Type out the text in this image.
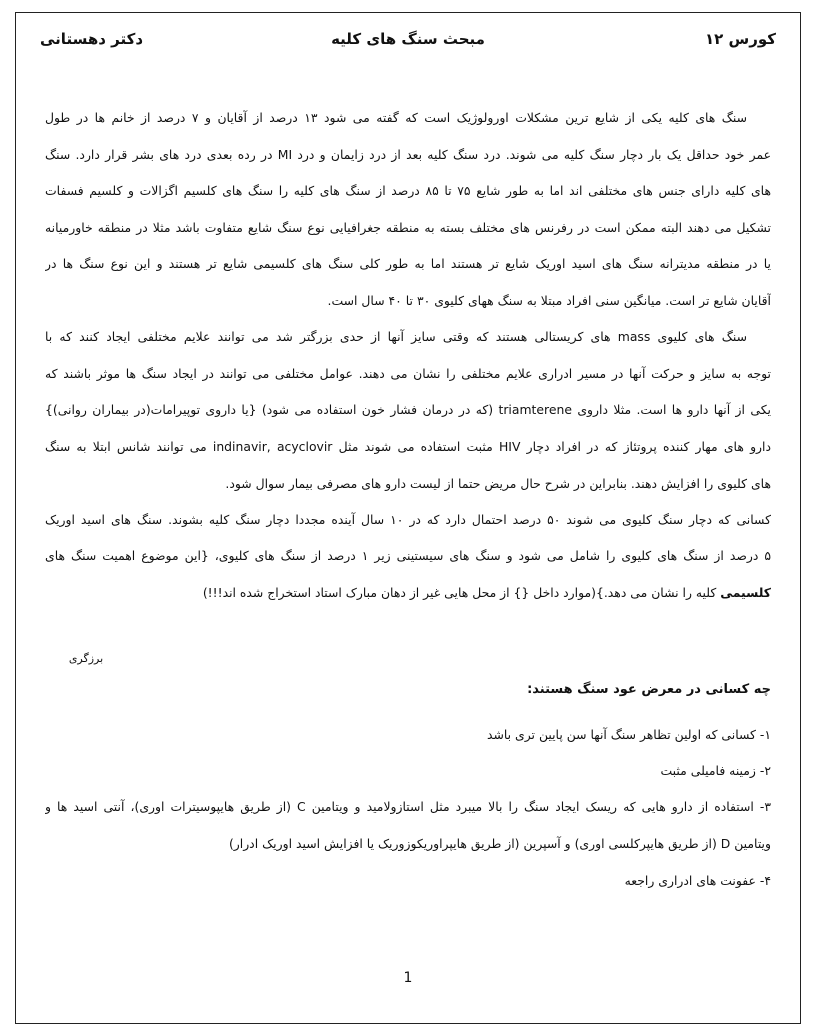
کورس ۱۲
مبحث سنگ های کلیه
دکتر دهستانی
سنگ های کلیه یکی از شایع ترین مشکلات اورولوژیک است که گفته می شود ۱۳ درصد از آقایان و ۷ درصد از خانم ها در طول
عمر خود حداقل یک بار دچار سنگ کلیه می شوند. درد سنگ کلیه بعد از درد زایمان و درد MI در رده بعدی درد های بشر قرار دارد. سنگ
های کلیه دارای جنس های مختلفی اند اما به طور شایع ۷۵ تا ۸۵ درصد از سنگ های کلیه را سنگ های کلسیم اگزالات و کلسیم فسفات
تشکیل می دهند البته ممکن است در رفرنس های مختلف بسته به منطقه جغرافیایی نوع سنگ شایع متفاوت باشد مثلا در منطقه خاورمیانه
یا در منطقه مدیترانه سنگ های اسید اوریک شایع تر هستند اما به طور کلی سنگ های کلسیمی شایع تر هستند و این نوع سنگ ها در
آقایان شایع تر است. میانگین سنی افراد مبتلا به سنگ ههای کلیوی ۳۰ تا ۴۰ سال است.
سنگ های کلیوی mass های کریستالی هستند که وقتی سایز آنها از حدی بزرگتر شد می توانند علایم مختلفی ایجاد کنند که با
توجه به سایز و حرکت آنها در مسیر ادراری علایم مختلفی را نشان می دهند. عوامل مختلفی می توانند در ایجاد سنگ ها موثر باشند که
یکی از آنها دارو ها است. مثلا داروی triamterene (که در درمان فشار خون استفاده می شود) {یا داروی توپیرامات(در بیماران روانی)}
دارو های مهار کننده پروتئاز که در افراد دچار HIV مثبت استفاده می شوند مثل indinavir, acyclovir می توانند شانس ابتلا به سنگ
های کلیوی را افزایش دهند. بنابراین در شرح حال مریض حتما از لیست دارو های مصرفی بیمار سوال شود.
کسانی که دچار سنگ کلیوی می شوند ۵۰ درصد احتمال دارد که در ۱۰ سال آینده مجددا دچار سنگ کلیه بشوند. سنگ های اسید اوریک
۵ درصد از سنگ های کلیوی را شامل می شود و سنگ های سیستینی زیر ۱ درصد از سنگ های کلیوی، {این موضوع اهمیت سنگ های
کلسیمی کلیه را نشان می دهد.}(موارد داخل {} از محل هایی غیر از دهان مبارک استاد استخراج شده اند!!!)
برزگری
چه کسانی در معرض عود سنگ هستند:
۱- کسانی که اولین تظاهر سنگ آنها سن پایین تری باشد
۲- زمینه فامیلی مثبت
۳- استفاده از دارو هایی که ریسک ایجاد سنگ را بالا میبرد مثل استازولامید و ویتامین C (از طریق هایپوسیترات اوری)، آنتی اسید ها و
ویتامین D (از طریق هایپرکلسی اوری) و آسپرین (از طریق هایپراوریکوزوریک یا افزایش اسید اوریک ادرار)
۴- عفونت های ادراری راجعه
1
